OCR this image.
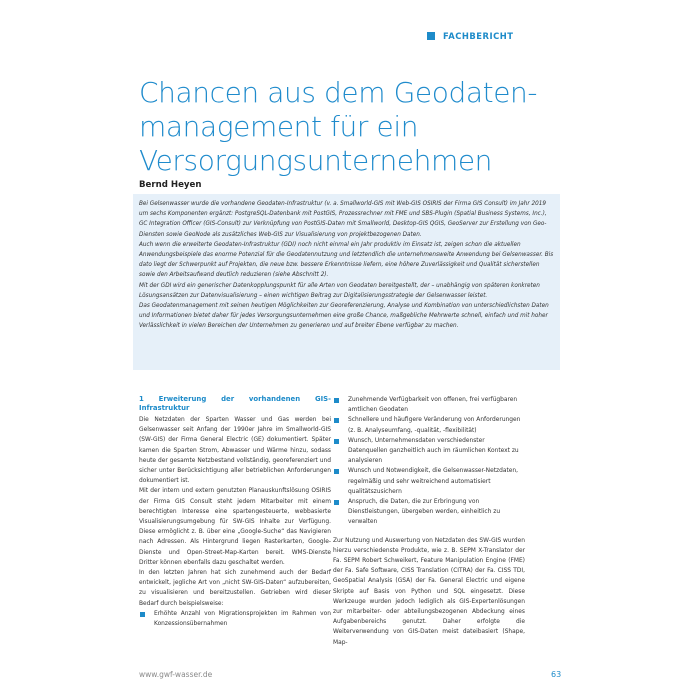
FACHBERICHT
Chancen aus dem Geodaten-
management für ein
Versorgungsunternehmen
Bernd Heyen

Bei Gelsenwasser wurde die vorhandene Geodaten-Infrastruktur (v. a. Smallworld-GIS mit Web-GIS OSIRIS der Firma GIS Consult) im Jahr 2019 um sechs Komponenten ergänzt: PostgreSQL-Datenbank mit PostGIS, Prozessrechner mit FME und SBS-Plugin (Spatial Business Systems, Inc.), GC Integration Officer (GIS-Consult) zur Verknüpfung von PostGIS-Daten mit Smallworld, Desktop-GIS QGIS, GeoServer zur Erstellung von Geo-Diensten sowie GeoNode als zusätzliches Web-GIS zur Visualisierung von projektbezogenen Daten.

Auch wenn die erweiterte Geodaten-Infrastruktur (GDI) noch nicht einmal ein Jahr produktiv im Einsatz ist, zeigen schon die aktuellen Anwendungsbeispiele das enorme Potenzial für die Geodatennutzung und letztendlich die unternehmensweite Anwendung bei Gelsenwasser. Bis dato liegt der Schwerpunkt auf Projekten, die neue bzw. bessere Erkenntnisse liefern, eine höhere Zuverlässigkeit und Qualität sicherstellen sowie den Arbeitsaufwand deutlich reduzieren (siehe Abschnitt 2).

Mit der GDI wird ein generischer Datenkopplungspunkt für alle Arten von Geodaten bereitgestellt, der – unabhängig von späteren konkreten Lösungsansätzen zur Datenvisualisierung – einen wichtigen Beitrag zur Digitalisierungsstrategie der Gelsenwasser leistet.

Das Geodatenmanagement mit seinen heutigen Möglichkeiten zur Georeferenzierung, Analyse und Kombination von unterschiedlichsten Daten und Informationen bietet daher für jedes Versorgungsunternehmen eine große Chance, maßgebliche Mehrwerte schnell, einfach und mit hoher Verlässlichkeit in vielen Bereichen der Unternehmen zu generieren und auf breiter Ebene verfügbar zu machen.

1 Erweiterung der vorhandenen GIS-Infrastruktur

Die Netzdaten der Sparten Wasser und Gas werden bei Gelsenwasser seit Anfang der 1990er Jahre im Smallworld-GIS (SW-GIS) der Firma General Electric (GE) dokumentiert. Später kamen die Sparten Strom, Abwasser und Wärme hinzu, sodass heute der gesamte Netzbestand vollständig, georeferenziert und sicher unter Berücksichtigung aller betrieblichen Anforderungen dokumentiert ist.

Mit der intern und extern genutzten Planauskunftslösung OSIRIS der Firma GIS Consult steht jedem Mitarbeiter mit einem berechtigten Interesse eine spartengesteuerte, webbasierte Visualisierungsumgebung für SW-GIS Inhalte zur Verfügung. Diese ermöglicht z. B. über eine „Google-Suche“ das Navigieren nach Adressen. Als Hintergrund liegen Rasterkarten, Google-Dienste und Open-Street-Map-Karten bereit. WMS-Dienste Dritter können ebenfalls dazu geschaltet werden.

In den letzten Jahren hat sich zunehmend auch der Bedarf entwickelt, jegliche Art von „nicht SW-GIS-Daten“ aufzubereiten, zu visualisieren und bereitzustellen. Getrieben wird dieser Bedarf durch beispielsweise:

Erhöhte Anzahl von Migrationsprojekten im Rahmen von Konzessionsübernahmen
Zunehmende Verfügbarkeit von offenen, frei verfügbaren amtlichen Geodaten
Schnellere und häufigere Veränderung von Anforderungen (z. B. Analyseumfang, -qualität, -flexibilität)
Wunsch, Unternehmensdaten verschiedenster Datenquellen ganzheitlich auch im räumlichen Kontext zu analysieren
Wunsch und Notwendigkeit, die Gelsenwasser-Netzdaten, regelmäßig und sehr weitreichend automatisiert qualitätszusichern
Anspruch, die Daten, die zur Erbringung von Dienstleistungen, übergeben werden, einheitlich zu verwalten

Zur Nutzung und Auswertung von Netzdaten des SW-GIS wurden hierzu verschiedenste Produkte, wie z. B. SEPM X-Translator der Fa. SEPM Robert Schweikert, Feature Manipulation Engine (FME) der Fa. Safe Software, CISS Translation (CITRA) der Fa. CISS TDI, GeoSpatial Analysis (GSA) der Fa. General Electric und eigene Skripte auf Basis von Python und SQL eingesetzt. Diese Werkzeuge wurden jedoch lediglich als GIS-Expertenlösungen zur mitarbeiter- oder abteilungsbezogenen Abdeckung eines Aufgabenbereichs genutzt. Daher erfolgte die Weiterverwendung von GIS-Daten meist dateibasiert (Shape, Map-

www.gwf-wasser.de	63
